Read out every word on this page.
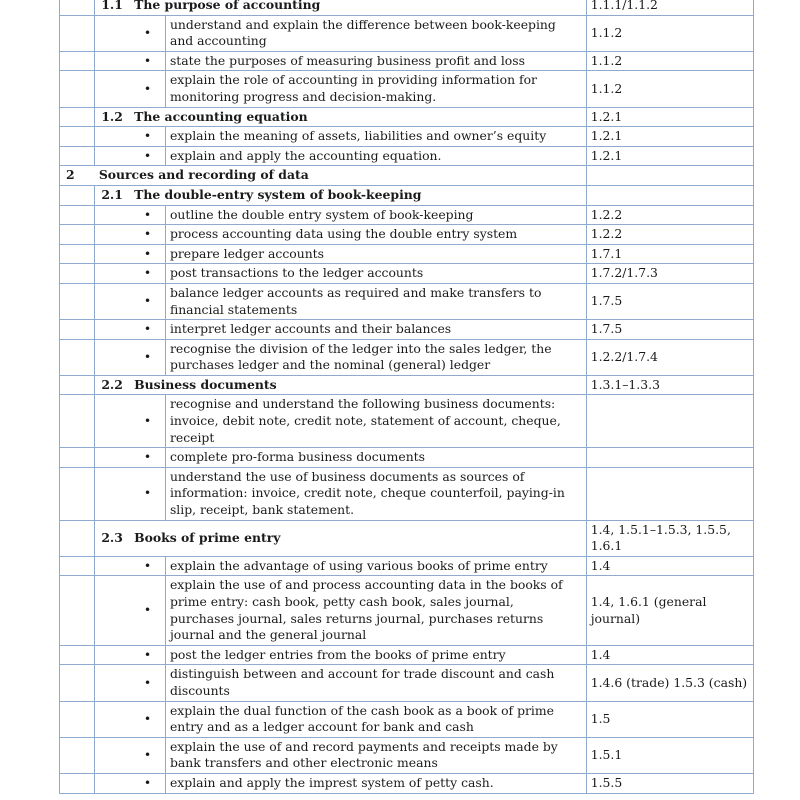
	1.1	The purpose of accounting		1.1.1/1.1.2
		•	understand and explain the difference between book-keeping and accounting	1.1.2
		•	state the purposes of measuring business profit and loss	1.1.2
		•	explain the role of accounting in providing information for monitoring progress and decision-making.	1.1.2
	1.2	The accounting equation		1.2.1
		•	explain the meaning of assets, liabilities and owner’s equity	1.2.1
		•	explain and apply the accounting equation.	1.2.1
2	Sources and recording of data			
	2.1	The double-entry system of book-keeping		
		•	outline the double entry system of book-keeping	1.2.2
		•	process accounting data using the double entry system	1.2.2
		•	prepare ledger accounts	1.7.1
		•	post transactions to the ledger accounts	1.7.2/1.7.3
		•	balance ledger accounts as required and make transfers to financial statements	1.7.5
		•	interpret ledger accounts and their balances	1.7.5
		•	recognise the division of the ledger into the sales ledger, the purchases ledger and the nominal (general) ledger	1.2.2/1.7.4
	2.2	Business documents		1.3.1–1.3.3
		•	recognise and understand the following business documents: invoice, debit note, credit note, statement of account, cheque, receipt	
		•	complete pro-forma business documents	
		•	understand the use of business documents as sources of information: invoice, credit note, cheque counterfoil, paying-in slip, receipt, bank statement.	
	2.3	Books of prime entry		1.4, 1.5.1–1.5.3, 1.5.5, 1.6.1
		•	explain the advantage of using various books of prime entry	1.4
		•	explain the use of and process accounting data in the books of prime entry: cash book, petty cash book, sales journal, purchases journal, sales returns journal, purchases returns journal and the general journal	1.4, 1.6.1 (general journal)
		•	post the ledger entries from the books of prime entry	1.4
		•	distinguish between and account for trade discount and cash discounts	1.4.6 (trade) 1.5.3 (cash)
		•	explain the dual function of the cash book as a book of prime entry and as a ledger account for bank and cash	1.5
		•	explain the use of and record payments and receipts made by bank transfers and other electronic means	1.5.1
		•	explain and apply the imprest system of petty cash.	1.5.5
